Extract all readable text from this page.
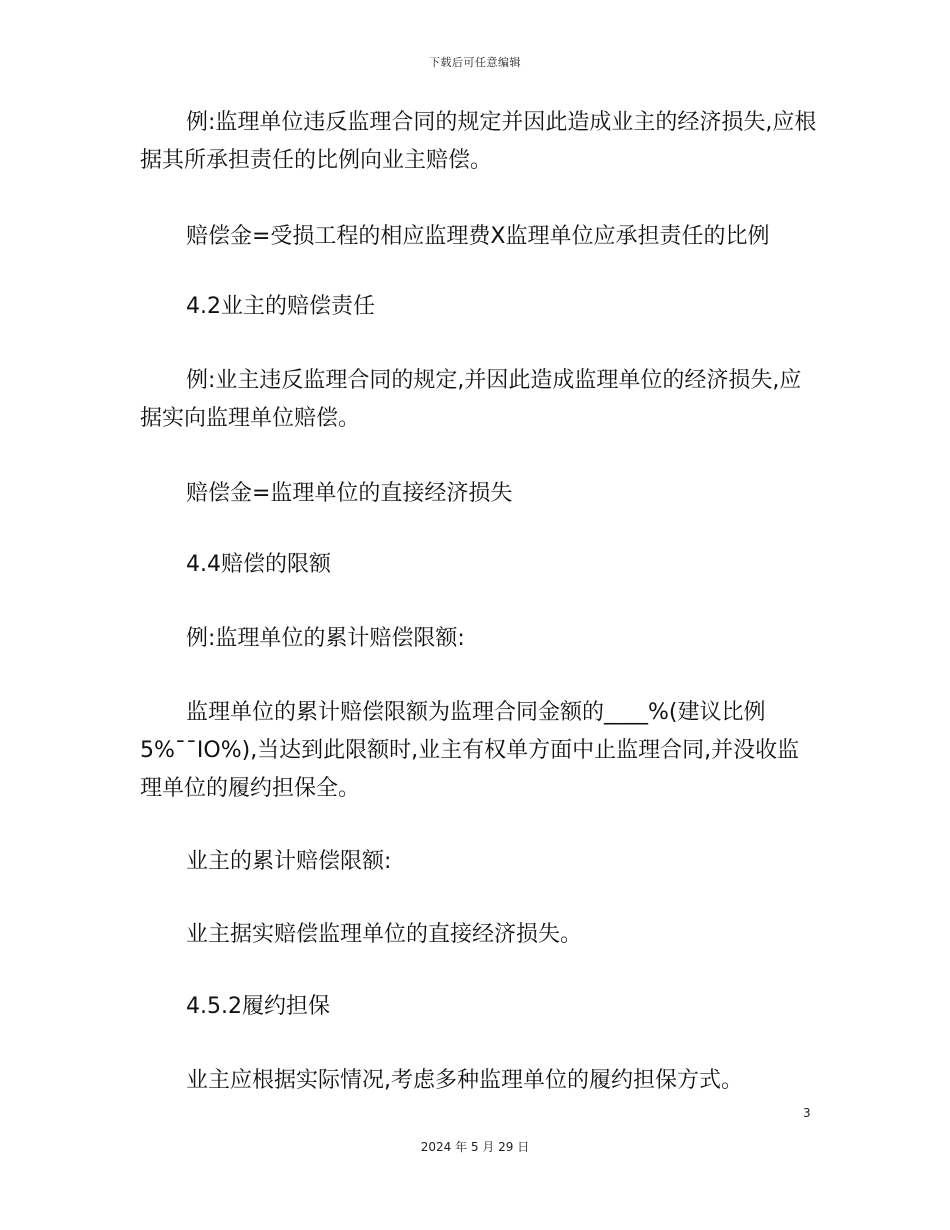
下载后可任意编辑

例:监理单位违反监理合同的规定并因此造成业主的经济损失,应根据其所承担责任的比例向业主赔偿。

赔偿金=受损工程的相应监理费X监理单位应承担责任的比例

4.2业主的赔偿责任

例:业主违反监理合同的规定,并因此造成监理单位的经济损失,应据实向监理单位赔偿。

赔偿金=监理单位的直接经济损失

4.4赔偿的限额

例:监理单位的累计赔偿限额:

监理单位的累计赔偿限额为监理合同金额的____%(建议比例5%¯¯IO%),当达到此限额时,业主有权单方面中止监理合同,并没收监理单位的履约担保全。

业主的累计赔偿限额:

业主据实赔偿监理单位的直接经济损失。

4.5.2履约担保

业主应根据实际情况,考虑多种监理单位的履约担保方式。

3
2024 年 5 月 29 日
